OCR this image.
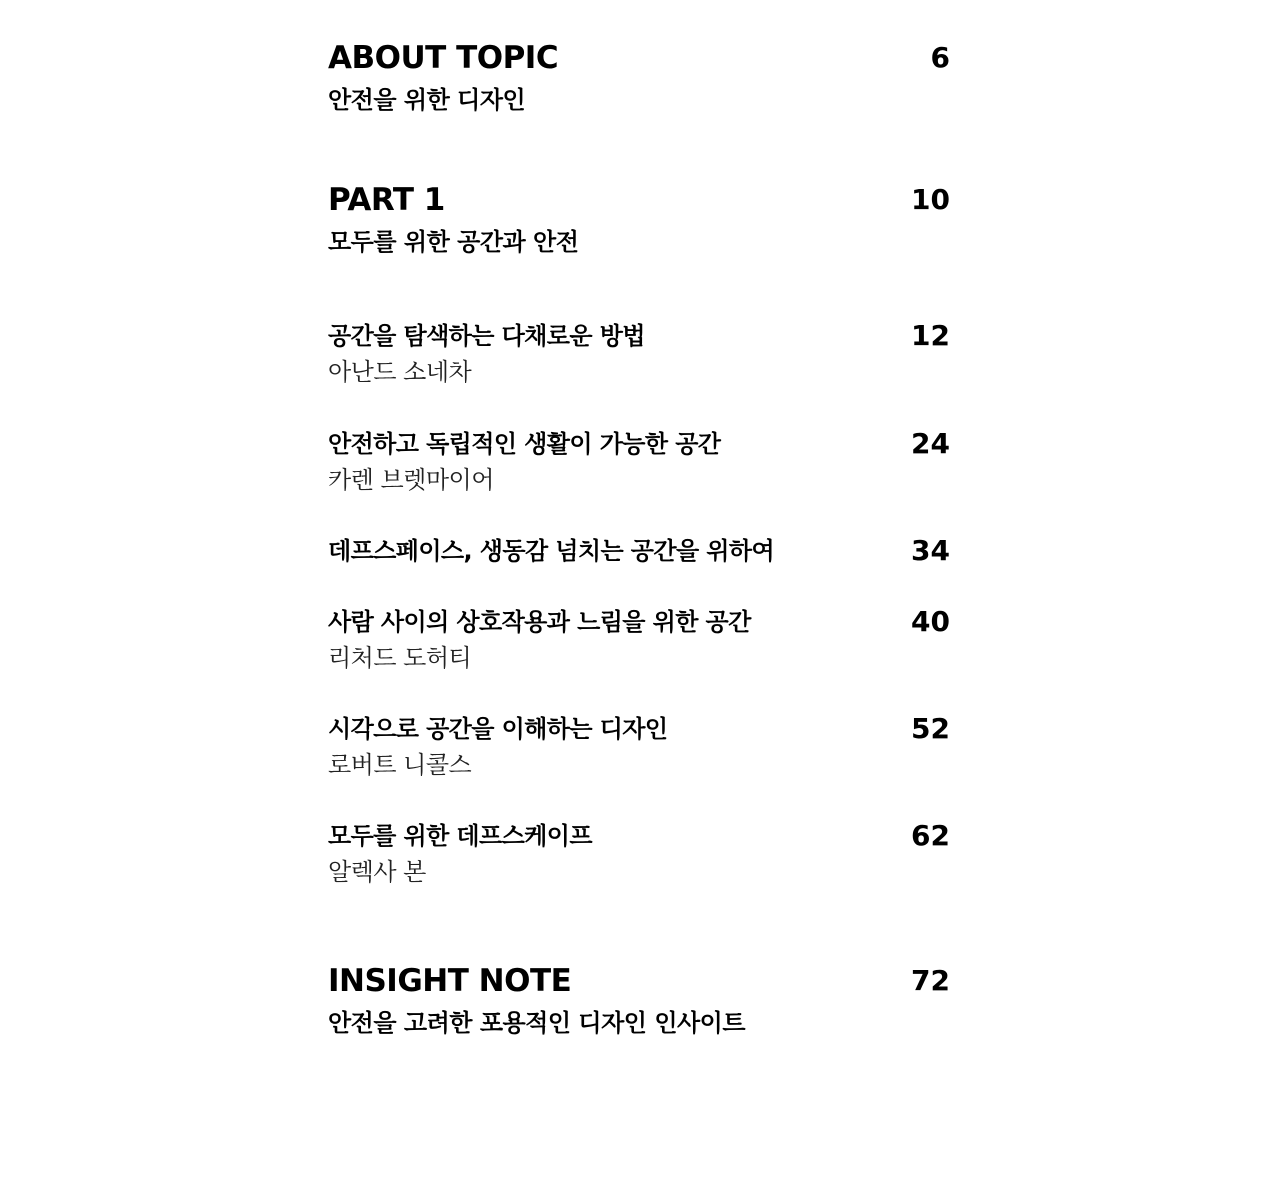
ABOUT TOPIC
안전을 위한 디자인
6
PART 1
모두를 위한 공간과 안전
10
공간을 탐색하는 다채로운 방법
아난드 소네차
12
안전하고 독립적인 생활이 가능한 공간
카렌 브렛마이어
24
데프스페이스, 생동감 넘치는 공간을 위하여	34
사람 사이의 상호작용과 느림을 위한 공간
리처드 도허티
40
시각으로 공간을 이해하는 디자인
로버트 니콜스
52
모두를 위한 데프스케이프
알렉사 본
62
INSIGHT NOTE
안전을 고려한 포용적인 디자인 인사이트
72
